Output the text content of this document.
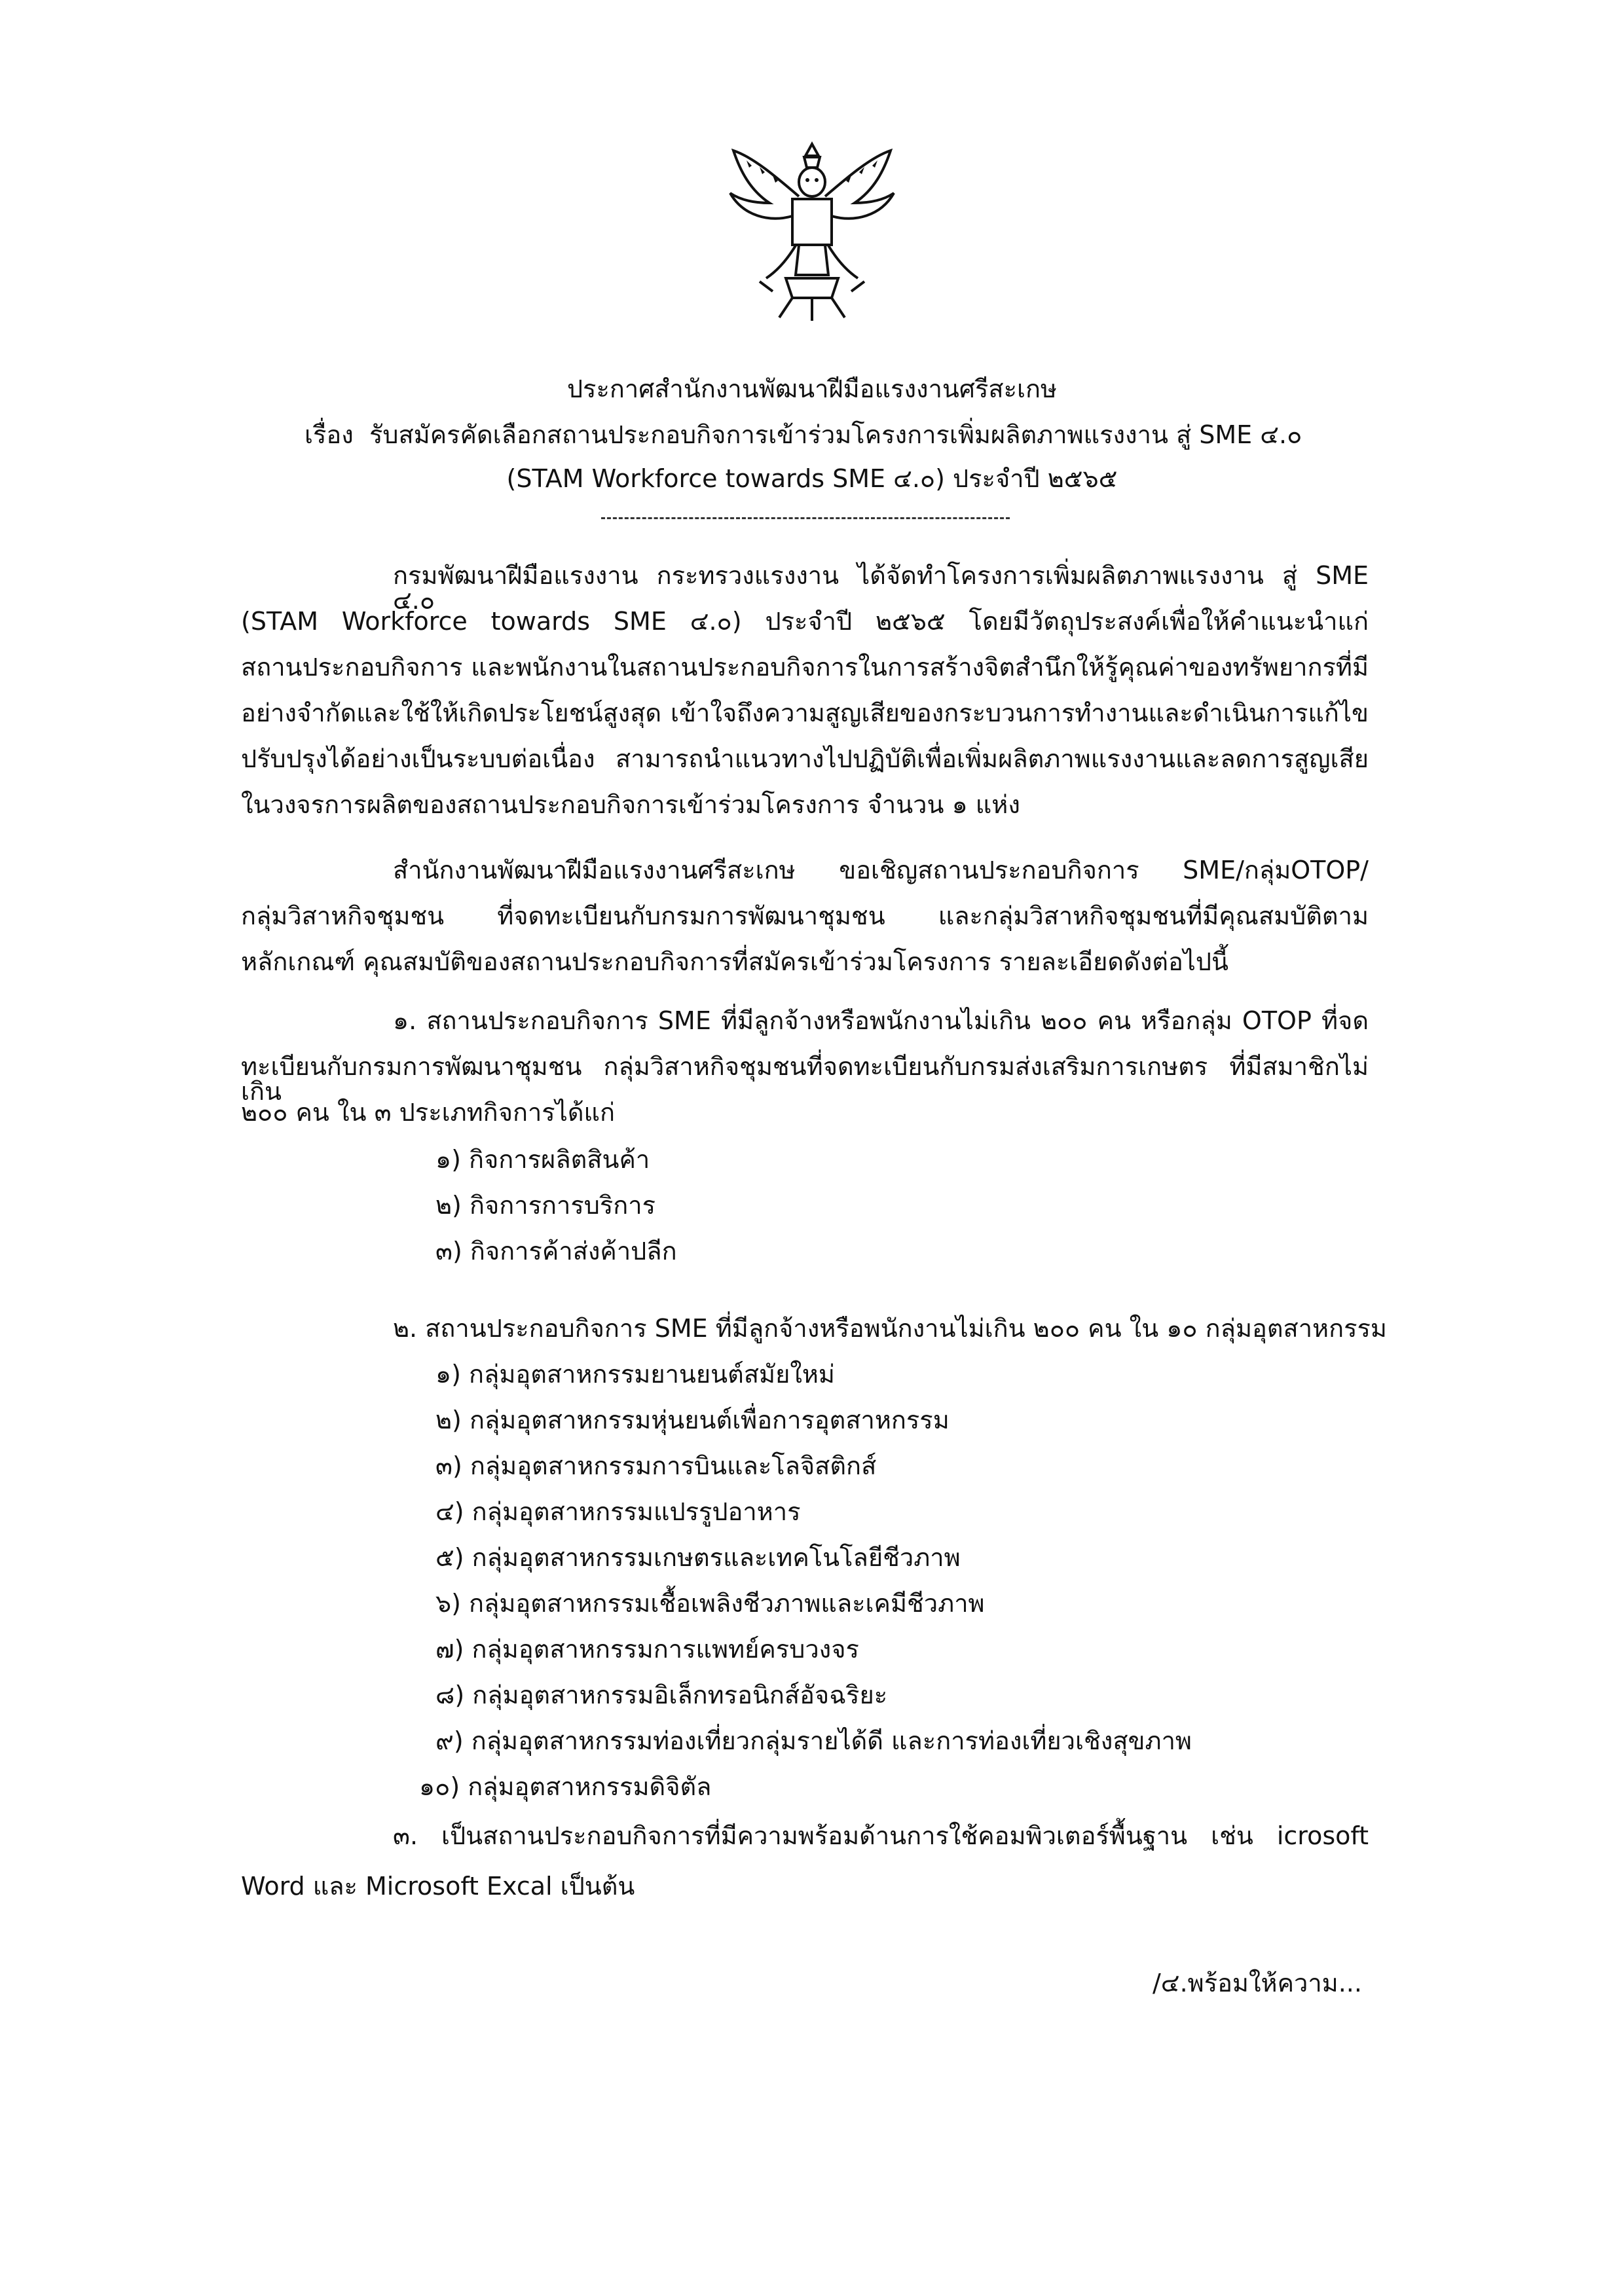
ประกาศสำนักงานพัฒนาฝีมือแรงงานศรีสะเกษ
เรื่อง รับสมัครคัดเลือกสถานประกอบกิจการเข้าร่วมโครงการเพิ่มผลิตภาพแรงงาน สู่ SME ๔.๐
(STAM Workforce towards SME ๔.๐) ประจำปี ๒๕๖๕
กรมพัฒนาฝีมือแรงงาน กระทรวงแรงงาน ได้จัดทำโครงการเพิ่มผลิตภาพแรงงาน สู่ SME ๔.๐
(STAM Workforce towards SME ๔.๐) ประจำปี ๒๕๖๕ โดยมีวัตถุประสงค์เพื่อให้คำแนะนำแก่
สถานประกอบกิจการ และพนักงานในสถานประกอบกิจการในการสร้างจิตสำนึกให้รู้คุณค่าของทรัพยากรที่มี
อย่างจำกัดและใช้ให้เกิดประโยชน์สูงสุด เข้าใจถึงความสูญเสียของกระบวนการทำงานและดำเนินการแก้ไข
ปรับปรุงได้อย่างเป็นระบบต่อเนื่อง สามารถนำแนวทางไปปฏิบัติเพื่อเพิ่มผลิตภาพแรงงานและลดการสูญเสีย
ในวงจรการผลิตของสถานประกอบกิจการเข้าร่วมโครงการ จำนวน ๑ แห่ง
สำนักงานพัฒนาฝีมือแรงงานศรีสะเกษ ขอเชิญสถานประกอบกิจการ SME/กลุ่มOTOP/
กลุ่มวิสาหกิจชุมชน ที่จดทะเบียนกับกรมการพัฒนาชุมชน และกลุ่มวิสาหกิจชุมชนที่มีคุณสมบัติตาม
หลักเกณฑ์ คุณสมบัติของสถานประกอบกิจการที่สมัครเข้าร่วมโครงการ รายละเอียดดังต่อไปนี้
๑. สถานประกอบกิจการ SME ที่มีลูกจ้างหรือพนักงานไม่เกิน ๒๐๐ คน หรือกลุ่ม OTOP ที่จด
ทะเบียนกับกรมการพัฒนาชุมชน กลุ่มวิสาหกิจชุมชนที่จดทะเบียนกับกรมส่งเสริมการเกษตร ที่มีสมาชิกไม่เกิน
๒๐๐ คน ใน ๓ ประเภทกิจการได้แก่
๑) กิจการผลิตสินค้า
๒) กิจการการบริการ
๓) กิจการค้าส่งค้าปลีก
๒. สถานประกอบกิจการ SME ที่มีลูกจ้างหรือพนักงานไม่เกิน ๒๐๐ คน ใน ๑๐ กลุ่มอุตสาหกรรม
๑) กลุ่มอุตสาหกรรมยานยนต์สมัยใหม่
๒) กลุ่มอุตสาหกรรมหุ่นยนต์เพื่อการอุตสาหกรรม
๓) กลุ่มอุตสาหกรรมการบินและโลจิสติกส์
๔) กลุ่มอุตสาหกรรมแปรรูปอาหาร
๕) กลุ่มอุตสาหกรรมเกษตรและเทคโนโลยีชีวภาพ
๖) กลุ่มอุตสาหกรรมเชื้อเพลิงชีวภาพและเคมีชีวภาพ
๗) กลุ่มอุตสาหกรรมการแพทย์ครบวงจร
๘) กลุ่มอุตสาหกรรมอิเล็กทรอนิกส์อัจฉริยะ
๙) กลุ่มอุตสาหกรรมท่องเที่ยวกลุ่มรายได้ดี และการท่องเที่ยวเชิงสุขภาพ
๑๐) กลุ่มอุตสาหกรรมดิจิตัล
๓. เป็นสถานประกอบกิจการที่มีความพร้อมด้านการใช้คอมพิวเตอร์พื้นฐาน เช่น icrosoft
Word และ Microsoft Excal เป็นต้น
/๔.พร้อมให้ความ...
